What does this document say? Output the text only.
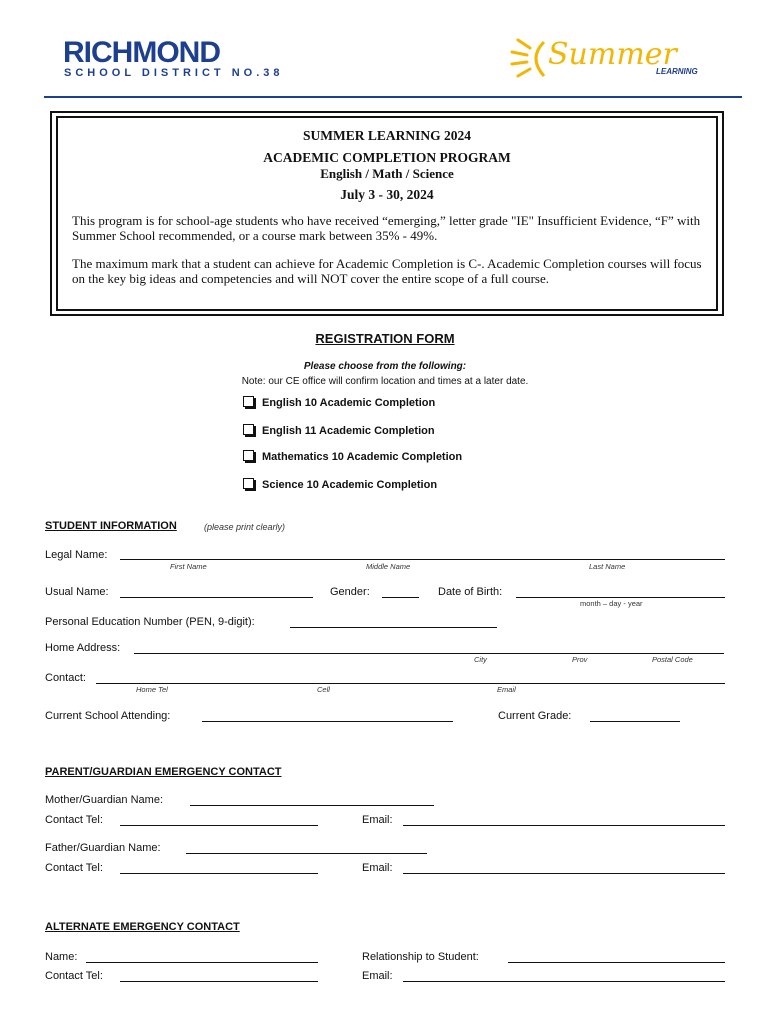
RICHMOND
SCHOOL DISTRICT NO.38
Summer
LEARNING
SUMMER LEARNING 2024
ACADEMIC COMPLETION PROGRAM
English / Math / Science
July 3 - 30, 2024
This program is for school-age students who have received “emerging,” letter grade "IE" Insufficient Evidence, “F” with Summer School recommended, or a course mark between 35% - 49%.
The maximum mark that a student can achieve for Academic Completion is C-. Academic Completion courses will focus on the key big ideas and competencies and will NOT cover the entire scope of a full course.
REGISTRATION FORM
Please choose from the following:
Note: our CE office will confirm location and times at a later date.
English 10 Academic Completion
English 11 Academic Completion
Mathematics 10 Academic Completion
Science 10 Academic Completion
STUDENT INFORMATION	(please print clearly)
Legal Name:
First Name	Middle Name	Last Name
Usual Name:	Gender:	Date of Birth:
month – day - year
Personal Education Number (PEN, 9-digit):
Home Address:
City	Prov	Postal Code
Contact:
Home Tel	Cell	Email
Current School Attending:	Current Grade:
PARENT/GUARDIAN EMERGENCY CONTACT
Mother/Guardian Name:
Contact Tel:	Email:
Father/Guardian Name:
Contact Tel:	Email:
ALTERNATE EMERGENCY CONTACT
Name:	Relationship to Student:
Contact Tel:	Email:
